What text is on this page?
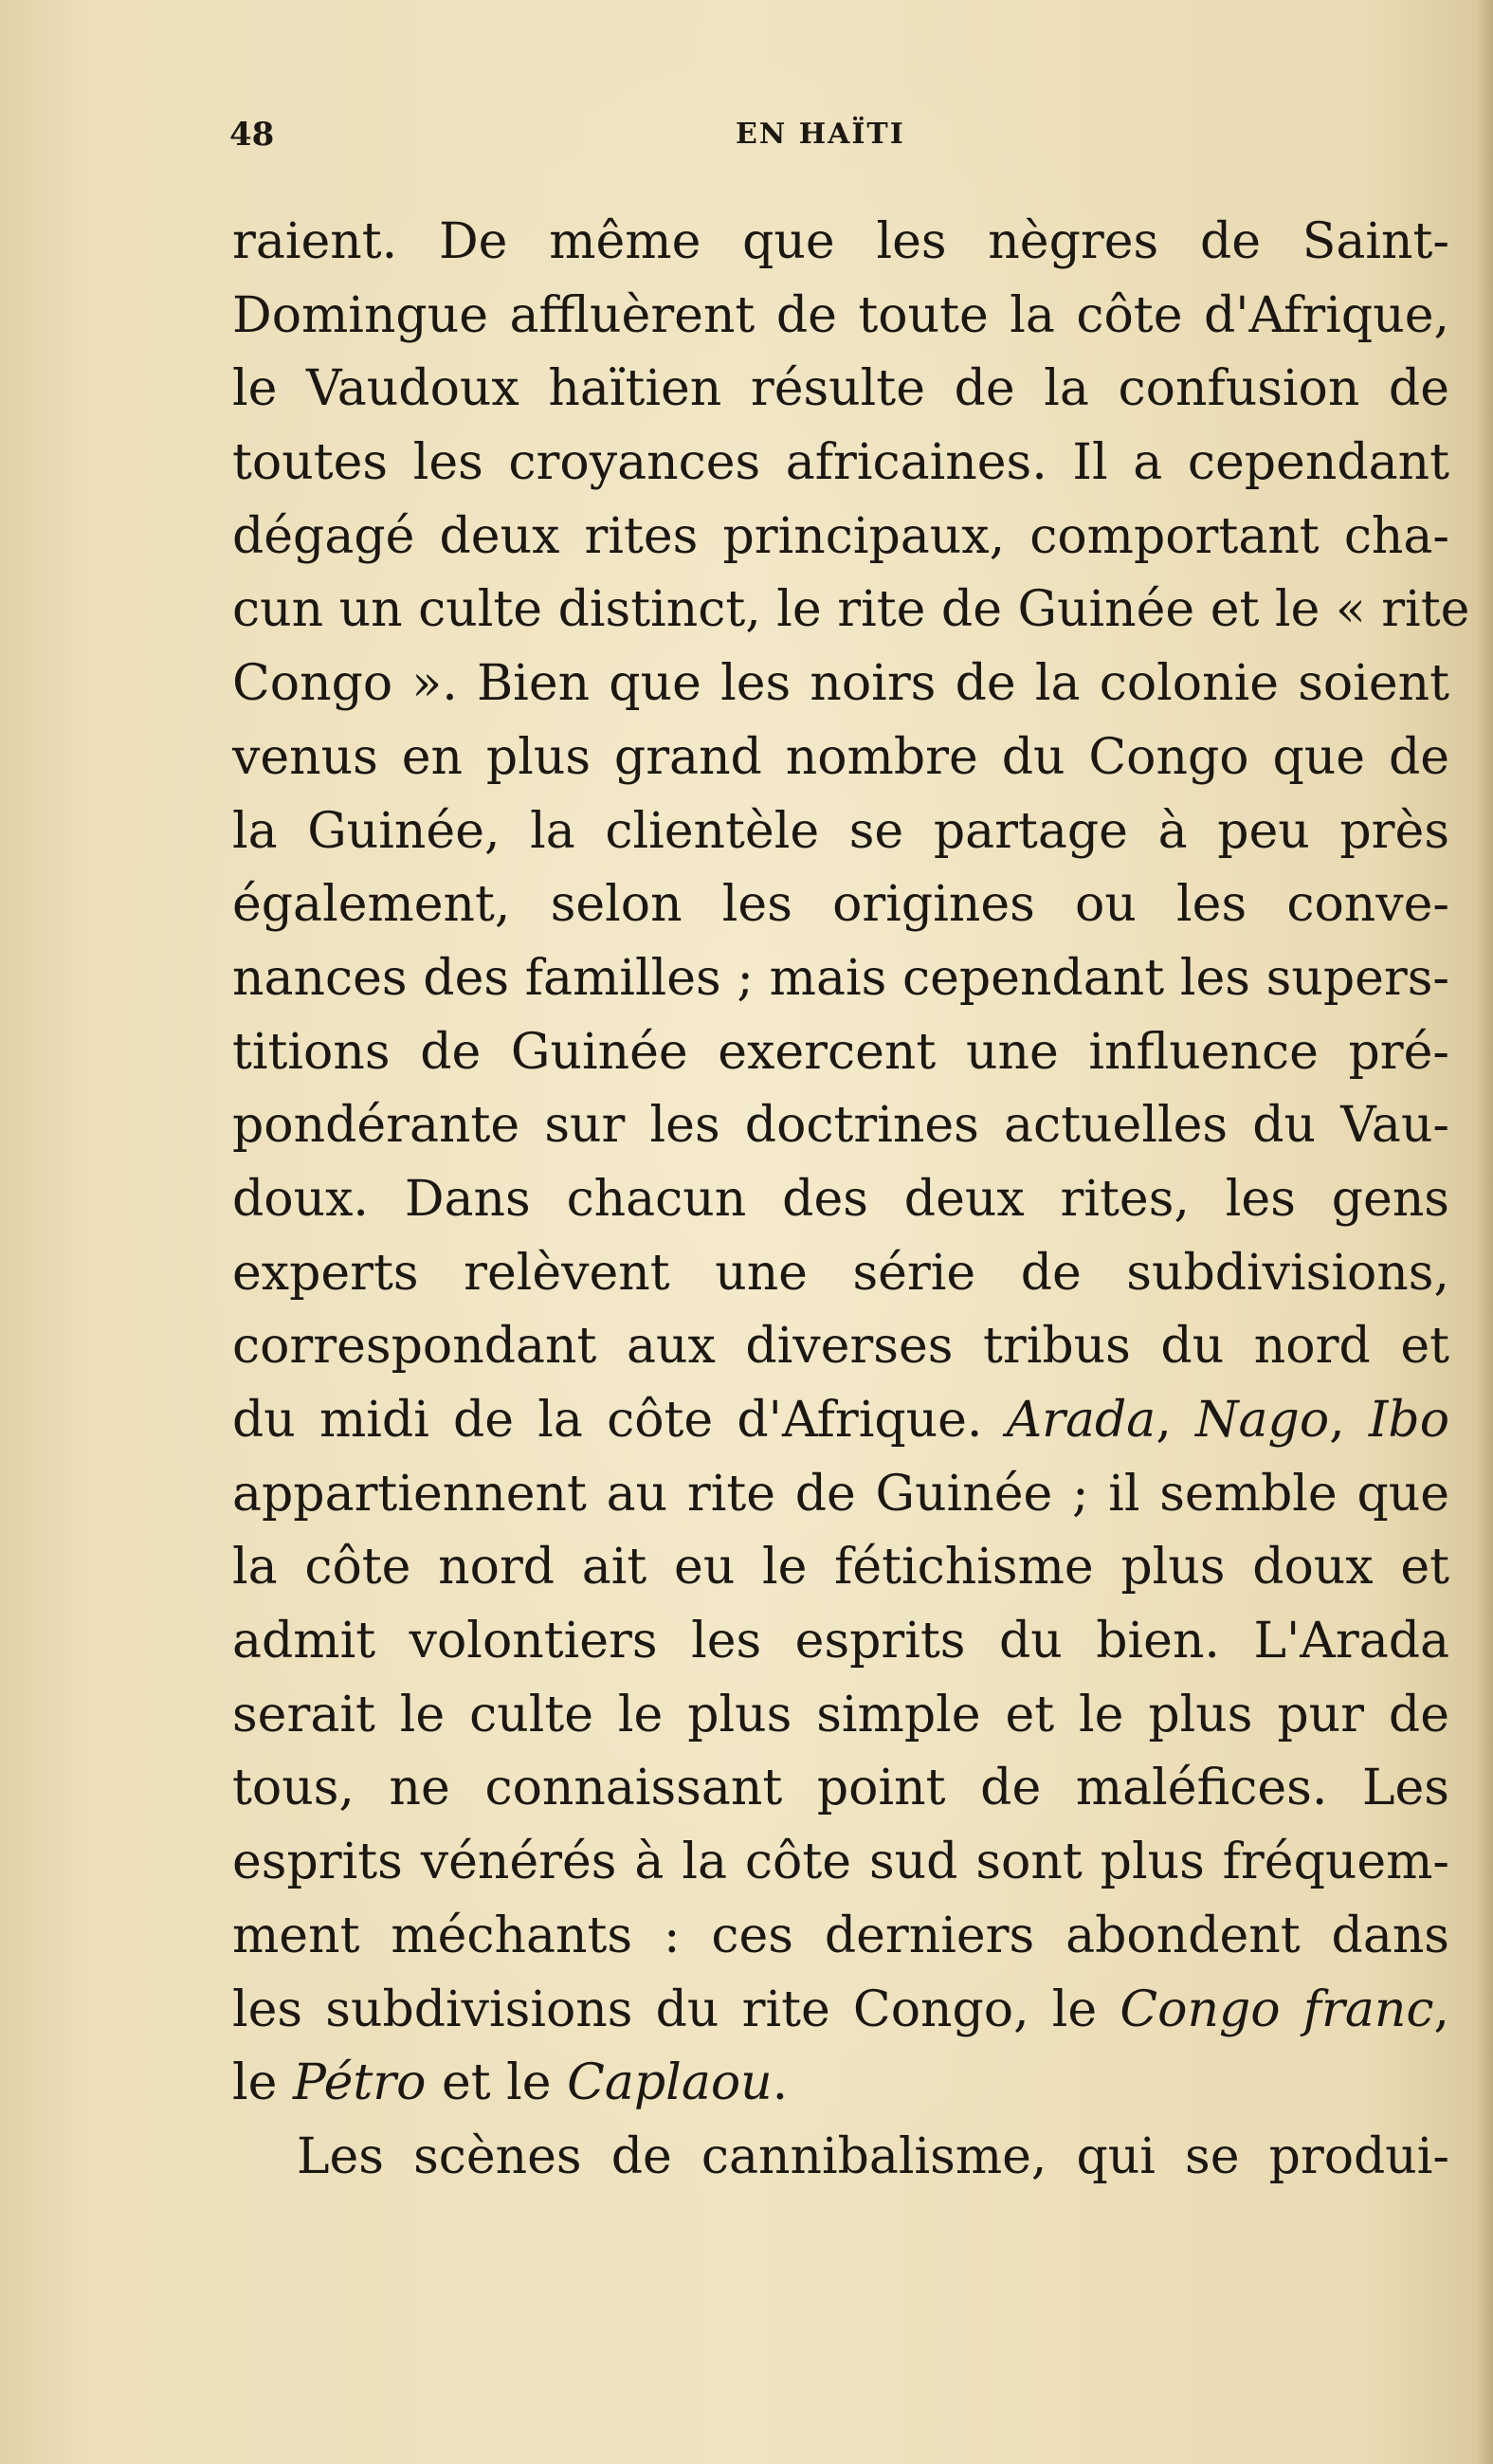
48	EN HAÏTI
raient. De même que les nègres de Saint-
Domingue affluèrent de toute la côte d'Afrique,
le Vaudoux haïtien résulte de la confusion de
toutes les croyances africaines. Il a cependant
dégagé deux rites principaux, comportant cha-
cun un culte distinct, le rite de Guinée et le « rite
Congo ». Bien que les noirs de la colonie soient
venus en plus grand nombre du Congo que de
la Guinée, la clientèle se partage à peu près
également, selon les origines ou les conve-
nances des familles ; mais cependant les supers-
titions de Guinée exercent une influence pré-
pondérante sur les doctrines actuelles du Vau-
doux. Dans chacun des deux rites, les gens
experts relèvent une série de subdivisions,
correspondant aux diverses tribus du nord et
du midi de la côte d'Afrique. Arada, Nago, Ibo
appartiennent au rite de Guinée ; il semble que
la côte nord ait eu le fétichisme plus doux et
admit volontiers les esprits du bien. L'Arada
serait le culte le plus simple et le plus pur de
tous, ne connaissant point de maléfices. Les
esprits vénérés à la côte sud sont plus fréquem-
ment méchants : ces derniers abondent dans
les subdivisions du rite Congo, le Congo franc,
le Pétro et le Caplaou.
Les scènes de cannibalisme, qui se produi-
